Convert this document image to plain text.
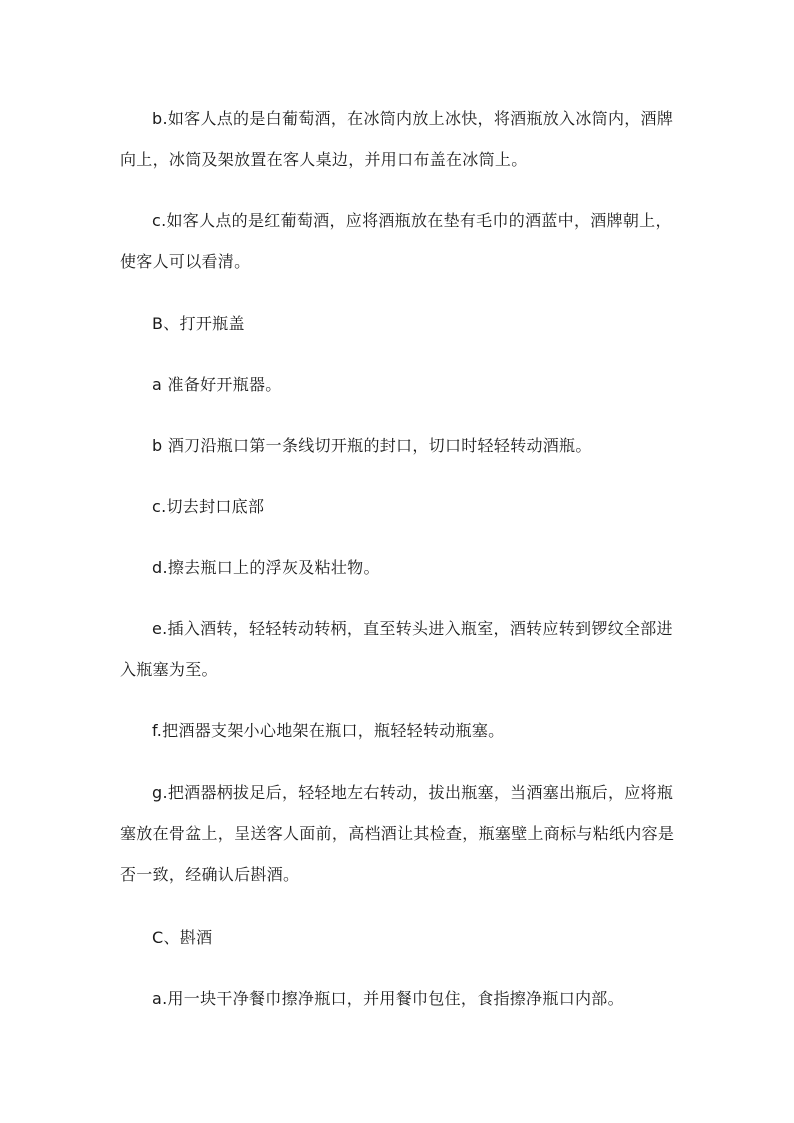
b.如客人点的是白葡萄酒，在冰筒内放上冰快，将酒瓶放入冰筒内，酒牌向上，冰筒及架放置在客人桌边，并用口布盖在冰筒上。

c.如客人点的是红葡萄酒，应将酒瓶放在垫有毛巾的酒蓝中，酒牌朝上，使客人可以看清。

B、打开瓶盖

a 准备好开瓶器。

b 酒刀沿瓶口第一条线切开瓶的封口，切口时轻轻转动酒瓶。

c.切去封口底部

d.擦去瓶口上的浮灰及粘壮物。

e.插入酒转，轻轻转动转柄，直至转头进入瓶室，酒转应转到锣纹全部进入瓶塞为至。

f.把酒器支架小心地架在瓶口，瓶轻轻转动瓶塞。

g.把酒器柄拔足后，轻轻地左右转动，拔出瓶塞，当酒塞出瓶后，应将瓶塞放在骨盆上，呈送客人面前，高档酒让其检查，瓶塞壁上商标与粘纸内容是否一致，经确认后斟酒。

C、斟酒

a.用一块干净餐巾擦净瓶口，并用餐巾包住，食指擦净瓶口内部。
